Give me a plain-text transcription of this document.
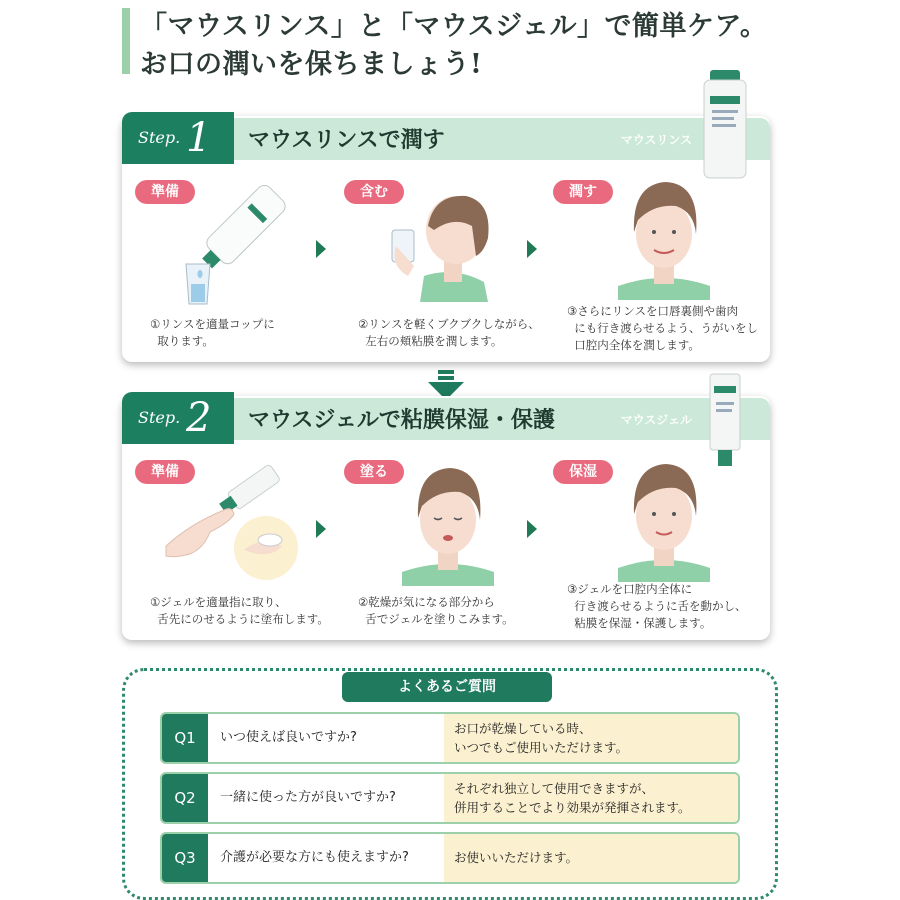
「マウスリンス」と「マウスジェル」で簡単ケア。
お口の潤いを保ちましょう!
Step. 1 マウスリンスで潤す	マウスリンス
準備	含む	潤す
①リンスを適量コップに
取ります。
②リンスを軽くブクブクしながら、
左右の頬粘膜を潤します。
③さらにリンスを口唇裏側や歯肉
にも行き渡らせるよう、うがいをし
口腔内全体を潤します。
Step. 2 マウスジェルで粘膜保湿・保護	マウスジェル
準備	塗る	保湿
①ジェルを適量指に取り、
舌先にのせるように塗布します。
②乾燥が気になる部分から
舌でジェルを塗りこみます。
③ジェルを口腔内全体に
行き渡らせるように舌を動かし、
粘膜を保湿・保護します。
よくあるご質問
Q1	いつ使えば良いですか?
お口が乾燥している時、
いつでもご使用いただけます。
Q2	一緒に使った方が良いですか?
それぞれ独立して使用できますが、
併用することでより効果が発揮されます。
Q3	介護が必要な方にも使えますか?	お使いいただけます。
